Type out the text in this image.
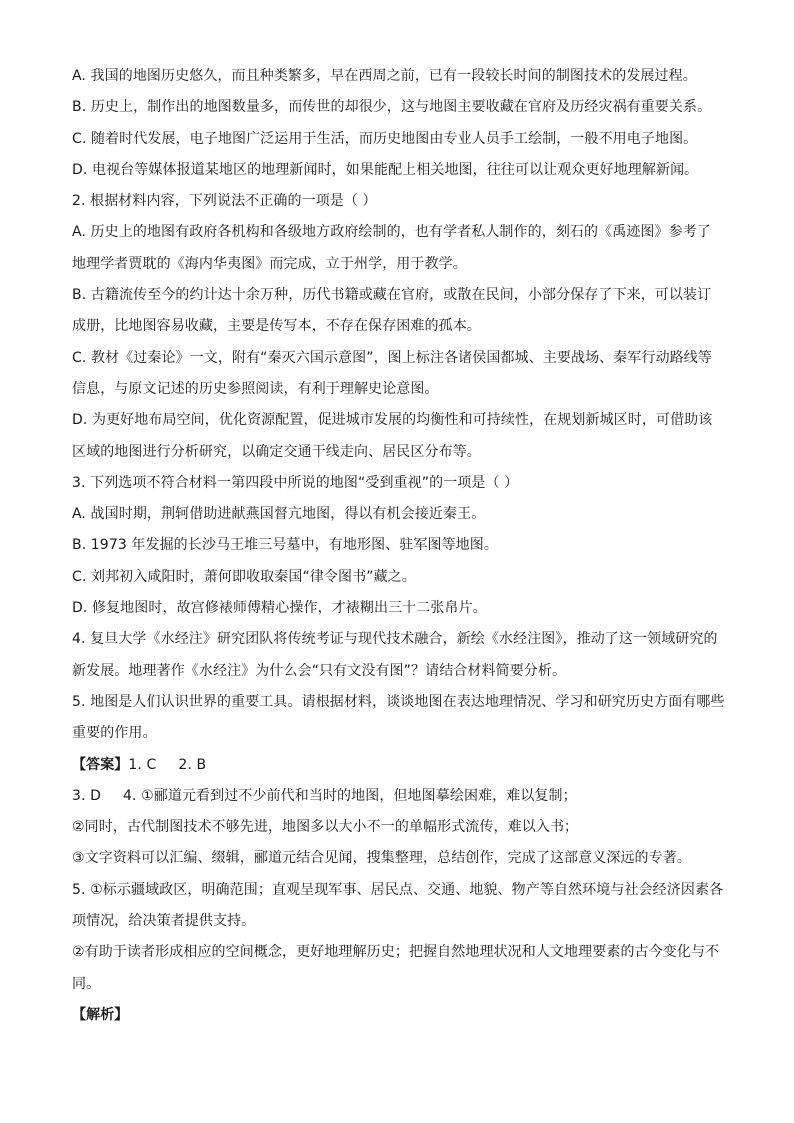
A. 我国的地图历史悠久，而且种类繁多，早在西周之前，已有一段较长时间的制图技术的发展过程。
B. 历史上，制作出的地图数量多，而传世的却很少，这与地图主要收藏在官府及历经灾祸有重要关系。
C. 随着时代发展，电子地图广泛运用于生活，而历史地图由专业人员手工绘制，一般不用电子地图。
D. 电视台等媒体报道某地区的地理新闻时，如果能配上相关地图，往往可以让观众更好地理解新闻。
2. 根据材料内容，下列说法不正确的一项是（ ）
A. 历史上的地图有政府各机构和各级地方政府绘制的，也有学者私人制作的，刻石的《禹迹图》参考了
地理学者贾耽的《海内华夷图》而完成，立于州学，用于教学。
B. 古籍流传至今的约计达十余万种，历代书籍或藏在官府，或散在民间，小部分保存了下来，可以装订
成册，比地图容易收藏，主要是传写本，不存在保存困难的孤本。
C. 教材《过秦论》一文，附有“秦灭六国示意图”，图上标注各诸侯国都城、主要战场、秦军行动路线等
信息，与原文记述的历史参照阅读，有利于理解史论意图。
D. 为更好地布局空间，优化资源配置，促进城市发展的均衡性和可持续性，在规划新城区时，可借助该
区域的地图进行分析研究，以确定交通干线走向、居民区分布等。
3. 下列选项不符合材料一第四段中所说的地图“受到重视”的一项是（ ）
A. 战国时期，荆轲借助进献燕国督亢地图，得以有机会接近秦王。
B. 1973 年发掘的长沙马王堆三号墓中，有地形图、驻军图等地图。
C. 刘邦初入咸阳时，萧何即收取秦国“律令图书”藏之。
D. 修复地图时，故宫修裱师傅精心操作，才裱糊出三十二张帛片。
4. 复旦大学《水经注》研究团队将传统考证与现代技术融合，新绘《水经注图》，推动了这一领域研究的
新发展。地理著作《水经注》为什么会“只有文没有图”？请结合材料简要分析。
5. 地图是人们认识世界的重要工具。请根据材料，谈谈地图在表达地理情况、学习和研究历史方面有哪些
重要的作用。
【答案】1. C 2. B
3. D 4. ①郦道元看到过不少前代和当时的地图，但地图摹绘困难，难以复制；
②同时，古代制图技术不够先进，地图多以大小不一的单幅形式流传，难以入书；
③文字资料可以汇编、缀辑，郦道元结合见闻，搜集整理，总结创作，完成了这部意义深远的专著。
5. ①标示疆域政区，明确范围；直观呈现军事、居民点、交通、地貌、物产等自然环境与社会经济因素各
项情况，给决策者提供支持。
②有助于读者形成相应的空间概念，更好地理解历史；把握自然地理状况和人文地理要素的古今变化与不
同。
【解析】
